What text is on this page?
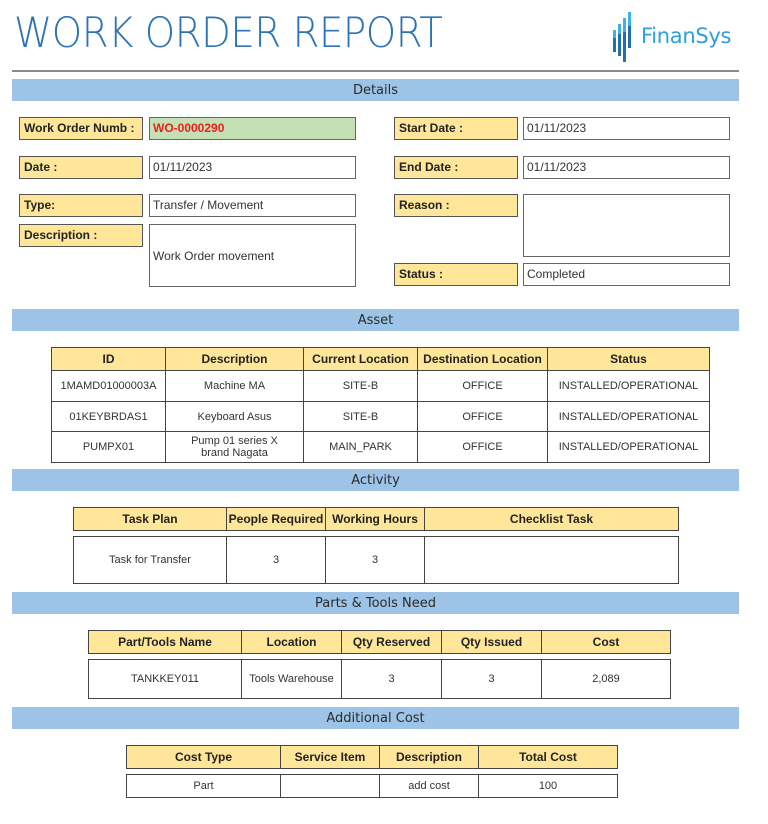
WORK ORDER REPORT	FinanSys
Details
Work Order Numb :	WO-0000290
Date :	01/11/2023
Type:	Transfer / Movement
Description :
Work Order movement
Start Date :	01/11/2023
End Date :	01/11/2023
Reason :
Status :	Completed
Asset
ID	Description	Current Location	Destination Location	Status
1MAMD01000003A	Machine MA	SITE-B	OFFICE	INSTALLED/OPERATIONAL
01KEYBRDAS1	Keyboard Asus	SITE-B	OFFICE	INSTALLED/OPERATIONAL
PUMPX01	Pump 01 series X brand Nagata	MAIN_PARK	OFFICE	INSTALLED/OPERATIONAL
Activity
Task Plan	People Required	Working Hours	Checklist Task

Task for Transfer	3	3	
Parts & Tools Need
Part/Tools Name	Location	Qty Reserved	Qty Issued	Cost

TANKKEY011	Tools Warehouse	3	3	2,089
Additional Cost
Cost Type	Service Item	Description	Total Cost

Part		add cost	100
